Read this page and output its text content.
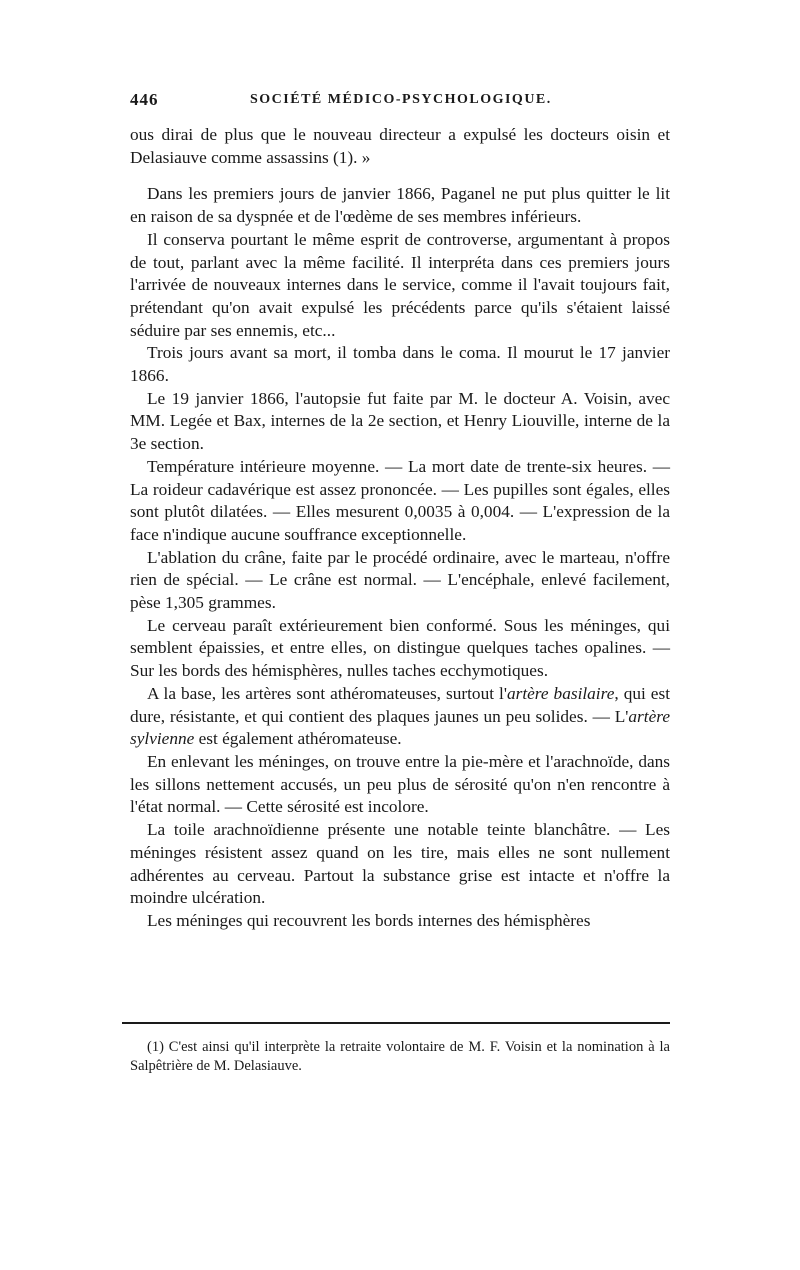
446	SOCIÉTÉ MÉDICO-PSYCHOLOGIQUE.

ous dirai de plus que le nouveau directeur a expulsé les docteurs oisin et Delasiauve comme assassins (1). »

Dans les premiers jours de janvier 1866, Paganel ne put plus quitter le lit en raison de sa dyspnée et de l'œdème de ses membres inférieurs.

Il conserva pourtant le même esprit de controverse, argumentant à propos de tout, parlant avec la même facilité. Il interpréta dans ces premiers jours l'arrivée de nouveaux internes dans le service, comme il l'avait toujours fait, prétendant qu'on avait expulsé les précédents parce qu'ils s'étaient laissé séduire par ses ennemis, etc...

Trois jours avant sa mort, il tomba dans le coma. Il mourut le 17 janvier 1866.

Le 19 janvier 1866, l'autopsie fut faite par M. le docteur A. Voisin, avec MM. Legée et Bax, internes de la 2e section, et Henry Liouville, interne de la 3e section.

Température intérieure moyenne. — La mort date de trente-six heures. — La roideur cadavérique est assez prononcée. — Les pupilles sont égales, elles sont plutôt dilatées. — Elles mesurent 0,0035 à 0,004. — L'expression de la face n'indique aucune souffrance exceptionnelle.

L'ablation du crâne, faite par le procédé ordinaire, avec le marteau, n'offre rien de spécial. — Le crâne est normal. — L'encéphale, enlevé facilement, pèse 1,305 grammes.

Le cerveau paraît extérieurement bien conformé. Sous les méninges, qui semblent épaissies, et entre elles, on distingue quelques taches opalines. — Sur les bords des hémisphères, nulles taches ecchymotiques.

A la base, les artères sont athéromateuses, surtout l'artère basilaire, qui est dure, résistante, et qui contient des plaques jaunes un peu solides. — L'artère sylvienne est également athéromateuse.

En enlevant les méninges, on trouve entre la pie-mère et l'arachnoïde, dans les sillons nettement accusés, un peu plus de sérosité qu'on n'en rencontre à l'état normal. — Cette sérosité est incolore.

La toile arachnoïdienne présente une notable teinte blanchâtre. — Les méninges résistent assez quand on les tire, mais elles ne sont nullement adhérentes au cerveau. Partout la substance grise est intacte et n'offre la moindre ulcération.

Les méninges qui recouvrent les bords internes des hémisphères

(1) C'est ainsi qu'il interprète la retraite volontaire de M. F. Voisin et la nomination à la Salpêtrière de M. Delasiauve.
